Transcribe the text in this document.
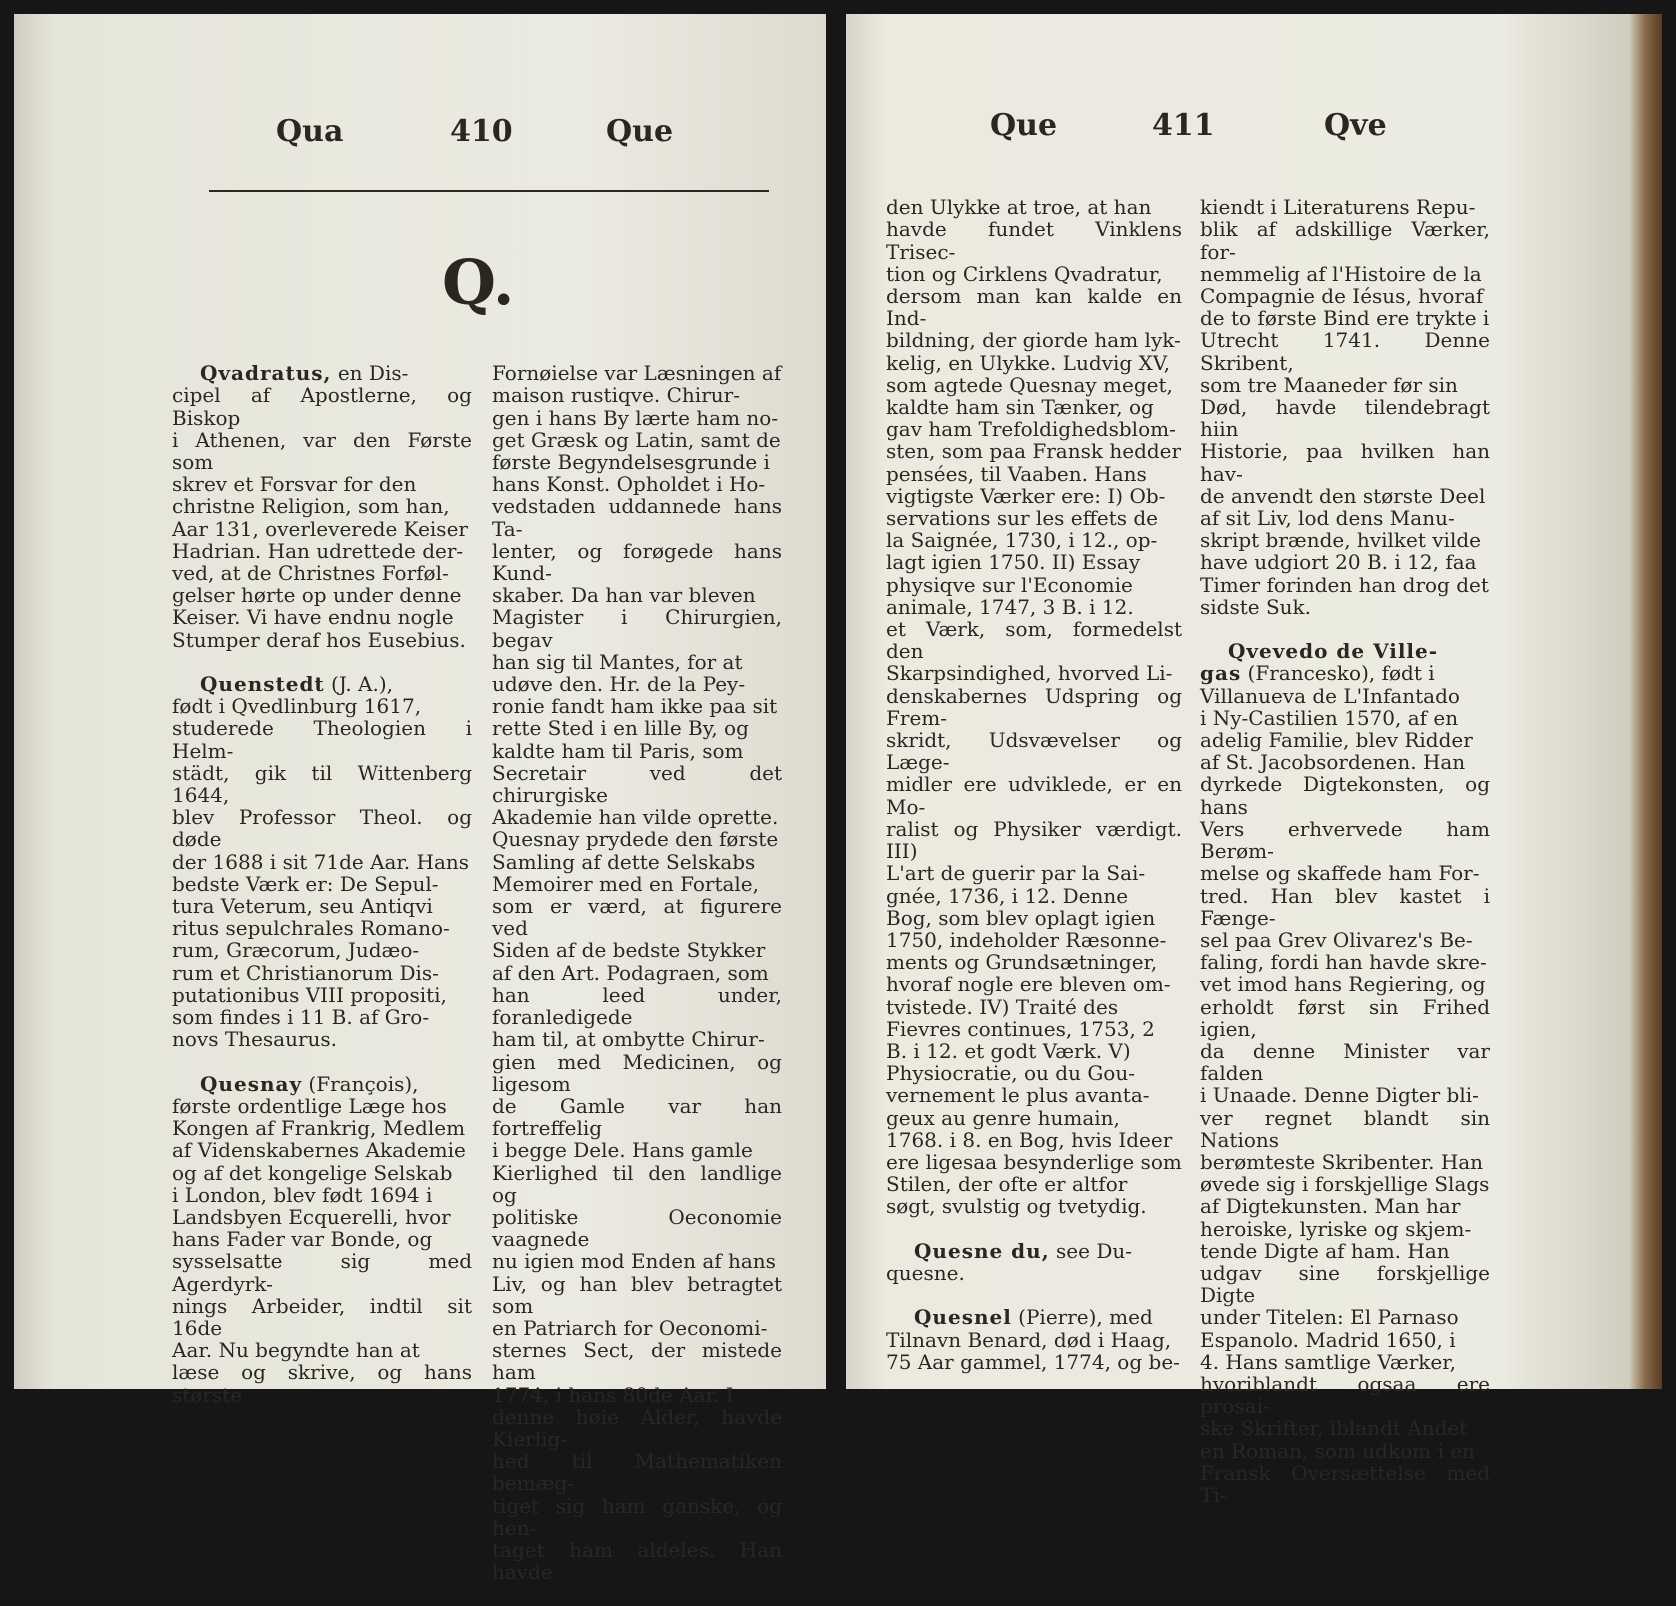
Qua	410	Que
Q.

Qvadratus, en Dis-
cipel af Apostlerne, og Biskop
i Athenen, var den Første som
skrev et Forsvar for den
christne Religion, som han,
Aar 131, overleverede Keiser
Hadrian. Han udrettede der-
ved, at de Christnes Forføl-
gelser hørte op under denne
Keiser. Vi have endnu nogle
Stumper deraf hos Eusebius.

Quenstedt (J. A.),
født i Qvedlinburg 1617,
studerede Theologien i Helm-
städt, gik til Wittenberg 1644,
blev Professor Theol. og døde
der 1688 i sit 71de Aar. Hans
bedste Værk er: De Sepul-
tura Veterum, seu Antiqvi
ritus sepulchrales Romano-
rum, Græcorum, Judæo-
rum et Christianorum Dis-
putationibus VIII propositi,
som findes i 11 B. af Gro-
novs Thesaurus.

Quesnay (François),
første ordentlige Læge hos
Kongen af Frankrig, Medlem
af Videnskabernes Akademie
og af det kongelige Selskab
i London, blev født 1694 i
Landsbyen Ecquerelli, hvor
hans Fader var Bonde, og
sysselsatte sig med Agerdyrk-
nings Arbeider, indtil sit 16de
Aar. Nu begyndte han at
læse og skrive, og hans største

Fornøielse var Læsningen af
maison rustiqve. Chirur-
gen i hans By lærte ham no-
get Græsk og Latin, samt de
første Begyndelsesgrunde i
hans Konst. Opholdet i Ho-
vedstaden uddannede hans Ta-
lenter, og forøgede hans Kund-
skaber. Da han var bleven
Magister i Chirurgien, begav
han sig til Mantes, for at
udøve den. Hr. de la Pey-
ronie fandt ham ikke paa sit
rette Sted i en lille By, og
kaldte ham til Paris, som
Secretair ved det chirurgiske
Akademie han vilde oprette.
Quesnay prydede den første
Samling af dette Selskabs
Memoirer med en Fortale,
som er værd, at figurere ved
Siden af de bedste Stykker
af den Art. Podagraen, som
han leed under, foranledigede
ham til, at ombytte Chirur-
gien med Medicinen, og ligesom
de Gamle var han fortreffelig
i begge Dele. Hans gamle
Kierlighed til den landlige og
politiske Oeconomie vaagnede
nu igien mod Enden af hans
Liv, og han blev betragtet som
en Patriarch for Oeconomi-
sternes Sect, der mistede ham
1774, i hans 80de Aar. I
denne høie Alder, havde Kierlig-
hed til Mathematiken bemæg-
tiget sig ham ganske, og hen-
taget ham aldeles. Han havde

Que	411	Qve

den Ulykke at troe, at han
havde fundet Vinklens Trisec-
tion og Cirklens Qvadratur,
dersom man kan kalde en Ind-
bildning, der giorde ham lyk-
kelig, en Ulykke. Ludvig XV,
som agtede Quesnay meget,
kaldte ham sin Tænker, og
gav ham Trefoldighedsblom-
sten, som paa Fransk hedder
pensées, til Vaaben. Hans
vigtigste Værker ere: I) Ob-
servations sur les effets de
la Saignée, 1730, i 12., op-
lagt igien 1750. II) Essay
physiqve sur l'Economie
animale, 1747, 3 B. i 12.
et Værk, som, formedelst den
Skarpsindighed, hvorved Li-
denskabernes Udspring og Frem-
skridt, Udsvævelser og Læge-
midler ere udviklede, er en Mo-
ralist og Physiker værdigt. III)
L'art de guerir par la Sai-
gnée, 1736, i 12. Denne
Bog, som blev oplagt igien
1750, indeholder Ræsonne-
ments og Grundsætninger,
hvoraf nogle ere bleven om-
tvistede. IV) Traité des
Fievres continues, 1753, 2
B. i 12. et godt Værk. V)
Physiocratie, ou du Gou-
vernement le plus avanta-
geux au genre humain,
1768. i 8. en Bog, hvis Ideer
ere ligesaa besynderlige som
Stilen, der ofte er altfor
søgt, svulstig og tvetydig.

Quesne du, see Du-
quesne.

Quesnel (Pierre), med
Tilnavn Benard, død i Haag,
75 Aar gammel, 1774, og be-

kiendt i Literaturens Repu-
blik af adskillige Værker, for-
nemmelig af l'Histoire de la
Compagnie de Iésus, hvoraf
de to første Bind ere trykte i
Utrecht 1741. Denne Skribent,
som tre Maaneder før sin
Død, havde tilendebragt hiin
Historie, paa hvilken han hav-
de anvendt den største Deel
af sit Liv, lod dens Manu-
skript brænde, hvilket vilde
have udgiort 20 B. i 12, faa
Timer forinden han drog det
sidste Suk.

Qvevedo de Ville-
gas (Francesko), født i
Villanueva de L'Infantado
i Ny-Castilien 1570, af en
adelig Familie, blev Ridder
af St. Jacobsordenen. Han
dyrkede Digtekonsten, og hans
Vers erhvervede ham Berøm-
melse og skaffede ham For-
tred. Han blev kastet i Fænge-
sel paa Grev Olivarez's Be-
faling, fordi han havde skre-
vet imod hans Regiering, og
erholdt først sin Frihed igien,
da denne Minister var falden
i Unaade. Denne Digter bli-
ver regnet blandt sin Nations
berømteste Skribenter. Han
øvede sig i forskjellige Slags
af Digtekunsten. Man har
heroiske, lyriske og skjem-
tende Digte af ham. Han
udgav sine forskjellige Digte
under Titelen: El Parnaso
Espanolo. Madrid 1650, i
4. Hans samtlige Værker,
hvoriblandt ogsaa ere prosai-
ske Skrifter, iblandt Andet
en Roman, som udkom i en
Fransk Oversættelse med Ti-
